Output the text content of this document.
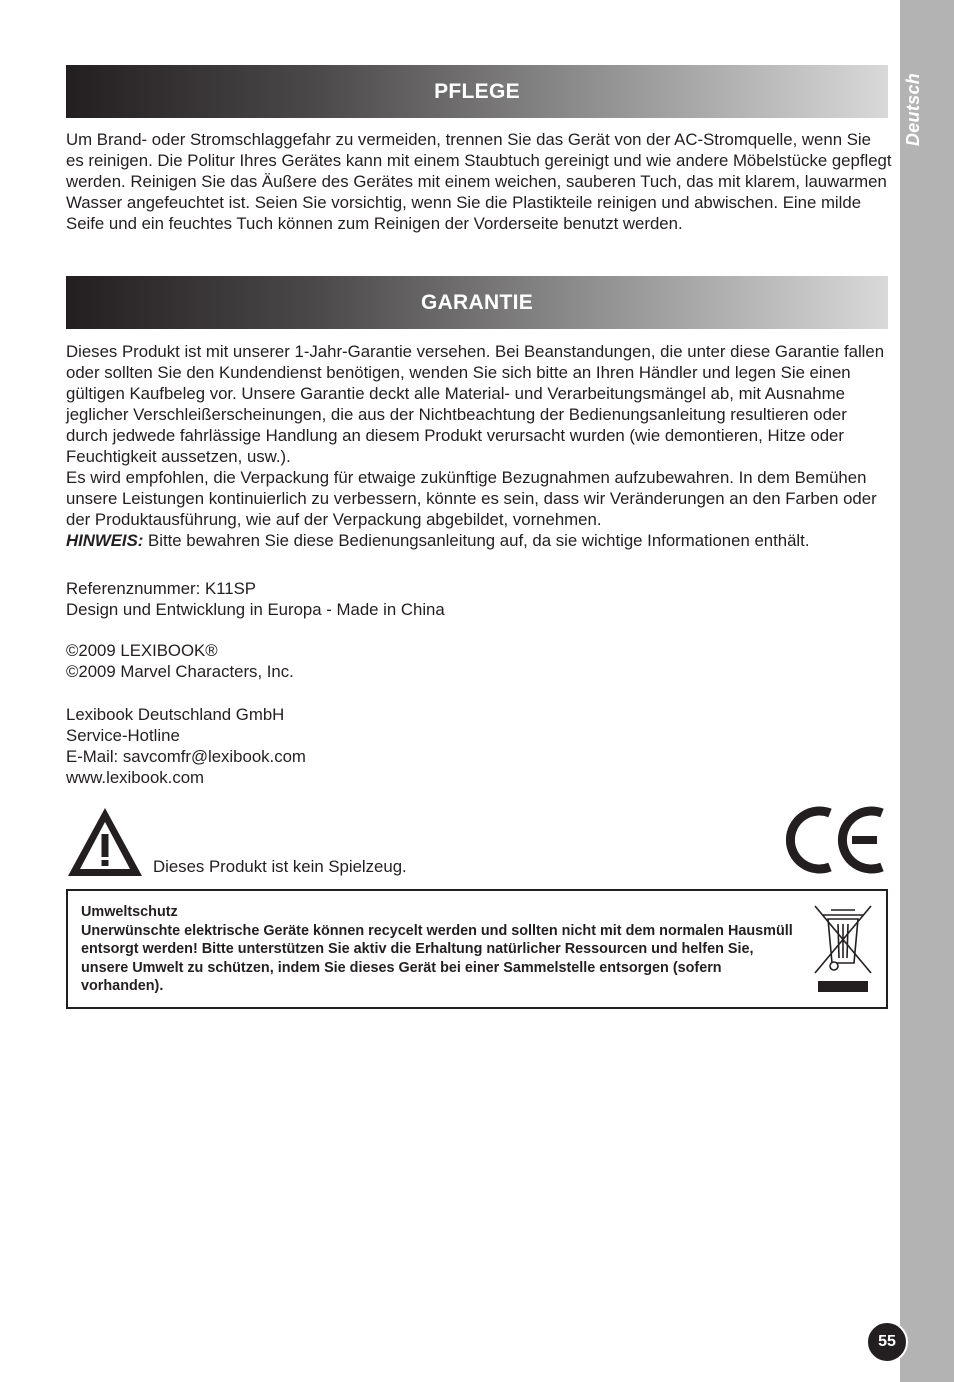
Deutsch
55
PFLEGE

Um Brand- oder Stromschlaggefahr zu vermeiden, trennen Sie das Gerät von der AC-Stromquelle, wenn Sie es reinigen. Die Politur Ihres Gerätes kann mit einem Staubtuch gereinigt und wie andere Möbelstücke gepflegt werden. Reinigen Sie das Äußere des Gerätes mit einem weichen, sauberen Tuch, das mit klarem, lauwarmen Wasser angefeuchtet ist. Seien Sie vorsichtig, wenn Sie die Plastikteile reinigen und abwischen. Eine milde Seife und ein feuchtes Tuch können zum Reinigen der Vorderseite benutzt werden.

GARANTIE
Dieses Produkt ist mit unserer 1-Jahr-Garantie versehen. Bei Beanstandungen, die unter diese Garantie fallen oder sollten Sie den Kundendienst benötigen, wenden Sie sich bitte an Ihren Händler und legen Sie einen gültigen Kaufbeleg vor. Unsere Garantie deckt alle Material- und Verarbeitungsmängel ab, mit Ausnahme jeglicher Verschleißerscheinungen, die aus der Nichtbeachtung der Bedienungsanleitung resultieren oder durch jedwede fahrlässige Handlung an diesem Produkt verursacht wurden (wie demontieren, Hitze oder Feuchtigkeit aussetzen, usw.).
Es wird empfohlen, die Verpackung für etwaige zukünftige Bezugnahmen aufzubewahren. In dem Bemühen unsere Leistungen kontinuierlich zu verbessern, könnte es sein, dass wir Veränderungen an den Farben oder der Produktausführung, wie auf der Verpackung abgebildet, vornehmen.
HINWEIS: Bitte bewahren Sie diese Bedienungsanleitung auf, da sie wichtige Informationen enthält.
Referenznummer: K11SP
Design und Entwicklung in Europa - Made in China
©2009 LEXIBOOK®
©2009 Marvel Characters, Inc.
Lexibook Deutschland GmbH
Service-Hotline
E-Mail: savcomfr@lexibook.com
www.lexibook.com
Dieses Produkt ist kein Spielzeug.
Umweltschutz
Unerwünschte elektrische Geräte können recycelt werden und sollten nicht mit dem normalen Hausmüll entsorgt werden! Bitte unterstützen Sie aktiv die Erhaltung natürlicher Ressourcen und helfen Sie, unsere Umwelt zu schützen, indem Sie dieses Gerät bei einer Sammelstelle entsorgen (sofern vorhanden).
